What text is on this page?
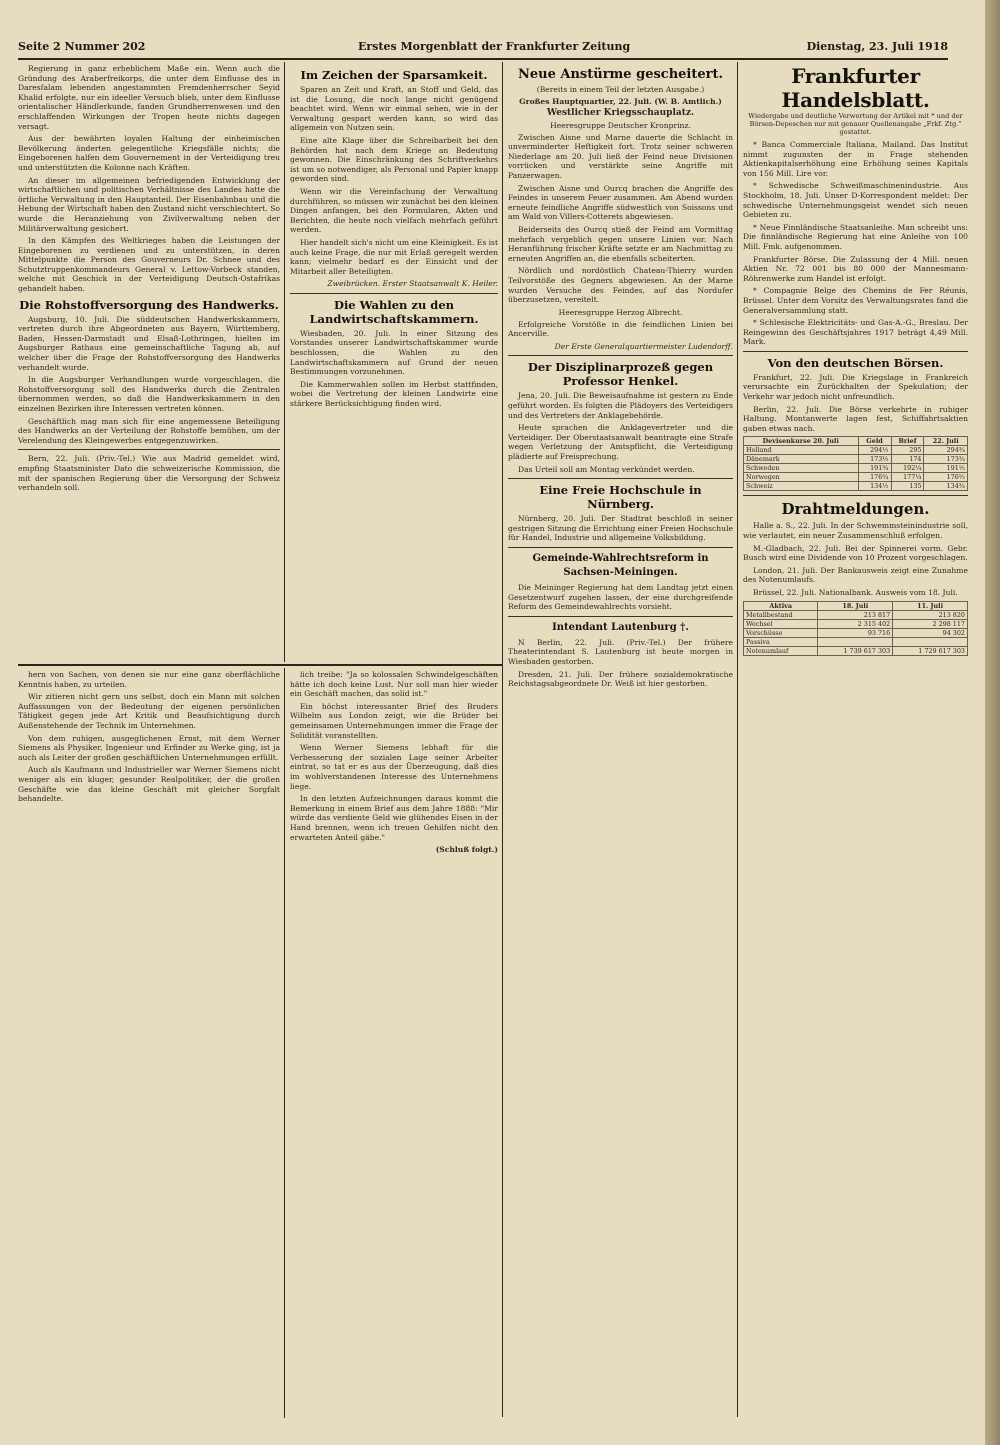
Seite 2 Nummer 202	Erstes Morgenblatt der Frankfurter Zeitung	Dienstag, 23. Juli 1918

Regierung in ganz erheblichem Maße ein. Wenn auch die Gründung des Araberfreikorps, die unter dem Einflusse des in Daresfalam lebenden angestammten Fremdenherrscher Seyid Khalid erfolgte, nur ein ideeller Versuch blieb, unter dem Einflusse orientalischer Händlerkunde, fanden Grundherrenwesen und den erschlaffenden Wirkungen der Tropen heute nichts dagegen versagt.

Aus der bewährten loyalen Haltung der einheimischen Bevölkerung änderten gelegentliche Kriegsfälle nichts; die Eingeborenen halfen dem Gouvernement in der Verteidigung treu und unterstützten die Kolonne nach Kräften.

An dieser im allgemeinen befriedigenden Entwicklung der wirtschaftlichen und politischen Verhältnisse des Landes hatte die örtliche Verwaltung in den Hauptanteil. Der Eisenbahnbau und die Hebung der Wirtschaft haben den Zustand nicht verschlechtert. So wurde die Heranziehung von Zivilverwaltung neben der Militärverwaltung gesichert.

In den Kämpfen des Weltkrieges haben die Leistungen der Eingeborenen zu verdienen und zu unterstützen, in deren Mittelpunkte die Person des Gouverneurs Dr. Schnee und des Schutztruppenkommandeurs General v. Lettow-Vorbeck standen, welche mit Geschick in der Verteidigung Deutsch-Ostafrikas gehandelt haben.

Die Rohstoffversorgung des Handwerks.

Augsburg, 10. Juli. Die süddeutschen Handwerkskammern, vertreten durch ihre Abgeordneten aus Bayern, Württemberg, Baden, Hessen-Darmstadt und Elsaß-Lothringen, hielten im Augsburger Rathaus eine gemeinschaftliche Tagung ab, auf welcher über die Frage der Rohstoffversorgung des Handwerks verhandelt wurde.

In die Augsburger Verhandlungen wurde vorgeschlagen, die Rohstoffversorgung soll des Handwerks durch die Zentralen übernommen werden, so daß die Handwerkskammern in den einzelnen Bezirken ihre Interessen vertreten können.

Geschäftlich mag man sich für eine angemessene Beteiligung des Handwerks an der Verteilung der Rohstoffe bemühen, um der Verelendung des Kleingewerbes entgegenzuwirken.

Bern, 22. Juli. (Priv.-Tel.) Wie aus Madrid gemeldet wird, empfing Staatsminister Dato die schweizerische Kommission, die mit der spanischen Regierung über die Versorgung der Schweiz verhandeln soll.

Im Zeichen der Sparsamkeit.

Sparen an Zeit und Kraft, an Stoff und Geld, das ist die Losung, die noch lange nicht genügend beachtet wird. Wenn wir einmal sehen, wie in der Verwaltung gespart werden kann, so wird das allgemein von Nutzen sein.

Eine alte Klage über die Schreibarbeit bei den Behörden hat nach dem Kriege an Bedeutung gewonnen. Die Einschränkung des Schriftverkehrs ist um so notwendiger, als Personal und Papier knapp geworden sind.

Wenn wir die Vereinfachung der Verwaltung durchführen, so müssen wir zunächst bei den kleinen Dingen anfangen, bei den Formularen, Akten und Berichten, die heute noch vielfach mehrfach geführt werden.

Hier handelt sich's nicht um eine Kleinigkeit. Es ist auch keine Frage, die nur mit Erlaß geregelt werden kann; vielmehr bedarf es der Einsicht und der Mitarbeit aller Beteiligten.

Zweibrücken. Erster Staatsanwalt K. Heiler.
Die Wahlen zu den Landwirtschaftskammern.

Wiesbaden, 20. Juli. In einer Sitzung des Vorstandes unserer Landwirtschaftskammer wurde beschlossen, die Wahlen zu den Landwirtschaftskammern auf Grund der neuen Bestimmungen vorzunehmen.

Die Kammerwahlen sollen im Herbst stattfinden, wobei die Vertretung der kleinen Landwirte eine stärkere Berücksichtigung finden wird.

Neue Anstürme gescheitert.
(Bereits in einem Teil der letzten Ausgabe.)
Großes Hauptquartier, 22. Juli. (W. B. Amtlich.)
Westlicher Kriegsschauplatz.
Heeresgruppe Deutscher Kronprinz.

Zwischen Aisne und Marne dauerte die Schlacht in unverminderter Heftigkeit fort. Trotz seiner schweren Niederlage am 20. Juli ließ der Feind neue Divisionen vorrücken und verstärkte seine Angriffe mit Panzerwagen.

Zwischen Aisne und Ourcq brachen die Angriffe des Feindes in unserem Feuer zusammen. Am Abend wurden erneute feindliche Angriffe südwestlich von Soissons und am Wald von Villers-Cotterets abgewiesen.

Beiderseits des Ourcq stieß der Feind am Vormittag mehrfach vergeblich gegen unsere Linien vor. Nach Heranführung frischer Kräfte setzte er am Nachmittag zu erneuten Angriffen an, die ebenfalls scheiterten.

Nördlich und nordöstlich Chateau-Thierry wurden Teilvorstöße des Gegners abgewiesen. An der Marne wurden Versuche des Feindes, auf das Nordufer überzusetzen, vereitelt.

Heeresgruppe Herzog Albrecht.

Erfolgreiche Vorstöße in die feindlichen Linien bei Ancerville.

Der Erste Generalquartiermeister Ludendorff.
Der Disziplinarprozeß gegen Professor Henkel.

Jena, 20. Juli. Die Beweisaufnahme ist gestern zu Ende geführt worden. Es folgten die Plädoyers des Verteidigers und des Vertreters der Anklagebehörde.

Heute sprachen die Anklagevertreter und die Verteidiger. Der Oberstaatsanwalt beantragte eine Strafe wegen Verletzung der Amtspflicht, die Verteidigung plädierte auf Freisprechung.

Das Urteil soll am Montag verkündet werden.

Eine Freie Hochschule in Nürnberg.

Nürnberg, 20. Juli. Der Stadtrat beschloß in seiner gestrigen Sitzung die Errichtung einer Freien Hochschule für Handel, Industrie und allgemeine Volksbildung.

Gemeinde-Wahlrechtsreform in Sachsen-Meiningen.

Die Meininger Regierung hat dem Landtag jetzt einen Gesetzentwurf zugehen lassen, der eine durchgreifende Reform des Gemeindewahlrechts vorsieht.

Intendant Lautenburg †.

N Berlin, 22. Juli. (Priv.-Tel.) Der frühere Theaterintendant S. Lautenburg ist heute morgen in Wiesbaden gestorben.

Dresden, 21. Juli. Der frühere sozialdemokratische Reichstagsabgeordnete Dr. Weiß ist hier gestorben.

Frankfurter Handelsblatt.
Wiedergabe und deutliche Verwertung der Artikel mit * und der Börsen-Depeschen nur mit genauer Quellenangabe „Frkf. Ztg." gestattet.

* Banca Commerciale Italiana, Mailand. Das Institut nimmt zugunsten der in Frage stehenden Aktienkapitalserhöhung eine Erhöhung seines Kapitals von 156 Mill. Lire vor.

* Schwedische Schweißmaschinenindustrie. Aus Stockholm, 18. Juli. Unser D-Korrespondent meldet: Der schwedische Unternehmungsgeist wendet sich neuen Gebieten zu.

* Neue Finnländische Staatsanleihe. Man schreibt uns: Die finnländische Regierung hat eine Anleihe von 100 Mill. Fmk. aufgenommen.

Frankfurter Börse. Die Zulassung der 4 Mill. neuen Aktien Nr. 72 001 bis 80 000 der Mannesmann-Röhrenwerke zum Handel ist erfolgt.

* Compagnie Belge des Chemins de Fer Réunis, Brüssel. Unter dem Vorsitz des Verwaltungsrates fand die Generalversammlung statt.

* Schlesische Elektricitäts- und Gas-A.-G., Breslau. Der Reingewinn des Geschäftsjahres 1917 beträgt 4,49 Mill. Mark.

Von den deutschen Börsen.

Frankfurt, 22. Juli. Die Kriegslage in Frankreich verursachte ein Zurückhalten der Spekulation; der Verkehr war jedoch nicht unfreundlich.

Berlin, 22. Juli. Die Börse verkehrte in ruhiger Haltung. Montanwerte lagen fest, Schiffahrtsaktien gaben etwas nach.

Devisenkurse 20. Juli	Geld	Brief	22. Juli
Holland	294½	295	294¾
Dänemark	173½	174	173¾
Schweden	191¾	192¼	191½
Norwegen	176¾	177¼	176½
Schweiz	134½	135	134¾
Drahtmeldungen.

Halle a. S., 22. Juli. In der Schwemmsteinindustrie soll, wie verlautet, ein neuer Zusammenschluß erfolgen.

M.-Gladbach, 22. Juli. Bei der Spinnerei vorm. Gebr. Busch wird eine Dividende von 10 Prozent vorgeschlagen.

London, 21. Juli. Der Bankausweis zeigt eine Zunahme des Notenumlaufs.

Brüssel, 22. Juli. Nationalbank. Ausweis vom 18. Juli.

Aktiva	18. Juli	11. Juli
Metallbestand	213 817	213 820
Wechsel	2 315 402	2 298 117
Vorschüsse	93 716	94 302
Passiva		
Notenumlauf	1 739 617 303	1 729 617 303

hern von Sachen, von denen sie nur eine ganz oberflächliche Kenntnis haben, zu urteilen.

Wir zitieren nicht gern uns selbst, doch ein Mann mit solchen Auffassungen von der Bedeutung der eigenen persönlichen Tätigkeit gegen jede Art Kritik und Beaufsichtigung durch Außenstehende der Technik im Unternehmen.

Von dem ruhigen, ausgeglichenen Ernst, mit dem Werner Siemens als Physiker, Ingenieur und Erfinder zu Werke ging, ist ja auch als Leiter der großen geschäftlichen Unternehmungen erfüllt.

Auch als Kaufmann und Industrieller war Werner Siemens nicht weniger als ein kluger, gesunder Realpolitiker, der die großen Geschäfte wie das kleine Geschäft mit gleicher Sorgfalt behandelte.

lich treibe: "Ja so kolossalen Schwindelgeschäften hätte ich doch keine Lust. Nur soll man hier wieder ein Geschäft machen, das solid ist."

Ein höchst interessanter Brief des Bruders Wilhelm aus London zeigt, wie die Brüder bei gemeinsamen Unternehmungen immer die Frage der Solidität voranstellten.

Wenn Werner Siemens lebhaft für die Verbesserung der sozialen Lage seiner Arbeiter eintrat, so tat er es aus der Überzeugung, daß dies im wohlverstandenen Interesse des Unternehmens liege.

In den letzten Aufzeichnungen daraus kommt die Bemerkung in einem Brief aus dem Jahre 1888: "Mir würde das verdiente Geld wie glühendes Eisen in der Hand brennen, wenn ich treuen Gehilfen nicht den erwarteten Anteil gäbe."

(Schluß folgt.)
